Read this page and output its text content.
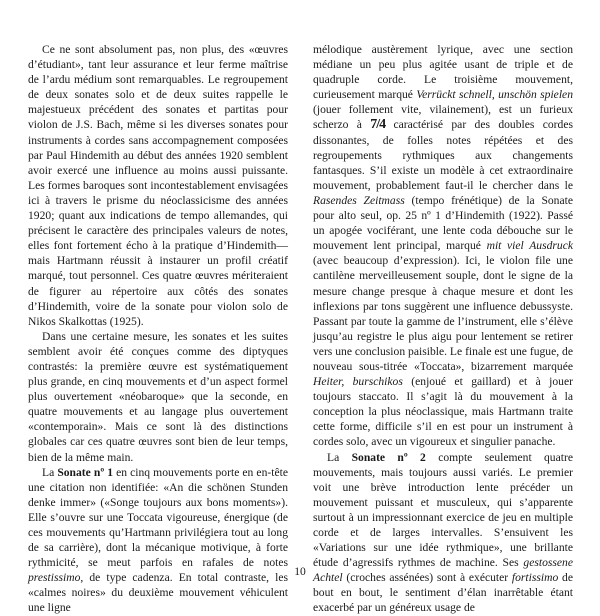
Ce ne sont absolument pas, non plus, des «œuvres d’étudiant», tant leur assurance et leur ferme maîtrise de l’ardu médium sont remarquables. Le regroupement de deux sonates solo et de deux suites rappelle le majestueux précédent des sonates et partitas pour violon de J.S. Bach, même si les diverses sonates pour instruments à cordes sans accompagnement composées par Paul Hindemith au début des années 1920 semblent avoir exercé une influence au moins aussi puissante. Les formes baroques sont incontestablement envisagées ici à travers le prisme du néoclassicisme des années 1920; quant aux indications de tempo allemandes, qui précisent le caractère des principales valeurs de notes, elles font fortement écho à la pratique d’Hindemith—mais Hartmann réussit à instaurer un profil créatif marqué, tout personnel. Ces quatre œuvres mériteraient de figurer au répertoire aux côtés des sonates d’Hindemith, voire de la sonate pour violon solo de Nikos Skalkottas (1925).

Dans une certaine mesure, les sonates et les suites semblent avoir été conçues comme des diptyques contrastés: la première œuvre est systématiquement plus grande, en cinq mouvements et d’un aspect formel plus ouvertement «néobaroque» que la seconde, en quatre mouvements et au langage plus ouvertement «contemporain». Mais ce sont là des distinctions globales car ces quatre œuvres sont bien de leur temps, bien de la même main.

La Sonate nº 1 en cinq mouvements porte en en-tête une citation non identifiée: «An die schönen Stunden denke immer» («Songe toujours aux bons moments»). Elle s’ouvre sur une Toccata vigoureuse, énergique (de ces mouvements qu’Hartmann privilégiera tout au long de sa carrière), dont la mécanique motivique, à forte rythmicité, se meut parfois en rafales de notes prestissimo, de type cadenza. En total contraste, les «calmes noires» du deuxième mouvement véhiculent une ligne

mélodique austèrement lyrique, avec une section médiane un peu plus agitée usant de triple et de quadruple corde. Le troisième mouvement, curieusement marqué Verrückt schnell, unschön spielen (jouer follement vite, vilainement), est un furieux scherzo à 7/4 caractérisé par des doubles cordes dissonantes, de folles notes répétées et des regroupements rythmiques aux changements fantasques. S’il existe un modèle à cet extraordinaire mouvement, probablement faut-il le chercher dans le Rasendes Zeitmass (tempo frénétique) de la Sonate pour alto seul, op. 25 nº 1 d’Hindemith (1922). Passé un apogée vociférant, une lente coda débouche sur le mouvement lent principal, marqué mit viel Ausdruck (avec beaucoup d’expression). Ici, le violon file une cantilène merveilleusement souple, dont le signe de la mesure change presque à chaque mesure et dont les inflexions par tons suggèrent une influence debussyste. Passant par toute la gamme de l’instrument, elle s’élève jusqu’au registre le plus aigu pour lentement se retirer vers une conclusion paisible. Le finale est une fugue, de nouveau sous-titrée «Toccata», bizarrement marquée Heiter, burschikos (enjoué et gaillard) et à jouer toujours staccato. Il s’agit là du mouvement à la conception la plus néoclassique, mais Hartmann traite cette forme, difficile s’il en est pour un instrument à cordes solo, avec un vigoureux et singulier panache.

La Sonate nº 2 compte seulement quatre mouvements, mais toujours aussi variés. Le premier voit une brève introduction lente précéder un mouvement puissant et musculeux, qui s’apparente surtout à un impressionnant exercice de jeu en multiple corde et de larges intervalles. S’ensuivent les «Variations sur une idée rythmique», une brillante étude d’agressifs rythmes de machine. Ses gestossene Achtel (croches assénées) sont à exécuter fortissimo de bout en bout, le sentiment d’élan inarrêtable étant exacerbé par un généreux usage de

10
